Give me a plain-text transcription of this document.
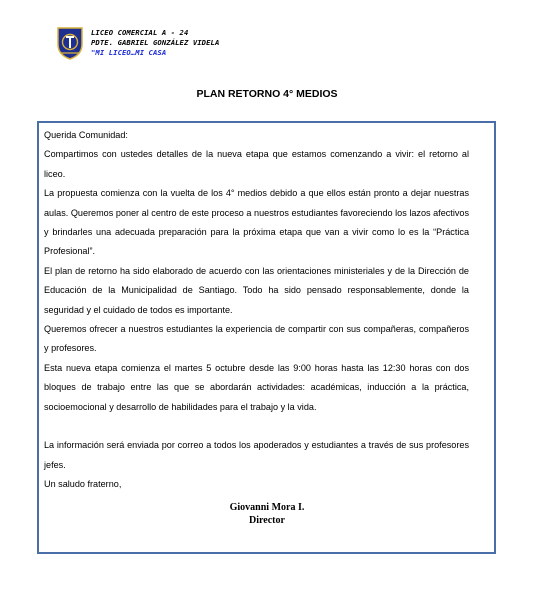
LICEO COMERCIAL A - 24
PDTE. GABRIEL GONZÁLEZ VIDELA
"MI LICEO…MI CASA
PLAN RETORNO 4° MEDIOS

Querida Comunidad:

Compartimos con ustedes detalles de la nueva etapa que estamos comenzando a vivir: el retorno al liceo.

La propuesta comienza con la vuelta de los 4° medios debido a que ellos están pronto a dejar nuestras aulas. Queremos poner al centro de este proceso a nuestros estudiantes favoreciendo los lazos afectivos y brindarles una adecuada preparación para la próxima etapa que van a vivir como lo es la “Práctica Profesional”.

El plan de retorno ha sido elaborado de acuerdo con las orientaciones ministeriales y de la Dirección de Educación de la Municipalidad de Santiago. Todo ha sido pensado responsablemente, donde la seguridad y el cuidado de todos es importante.

Queremos ofrecer a nuestros estudiantes la experiencia de compartir con sus compañeras, compañeros y profesores.

Esta nueva etapa comienza el martes 5 octubre desde las 9:00 horas hasta las 12:30 horas con dos bloques de trabajo entre las que se abordarán actividades: académicas, inducción a la práctica, socioemocional y desarrollo de habilidades para el trabajo y la vida.

La información será enviada por correo a todos los apoderados y estudiantes a través de sus profesores jefes.

Un saludo fraterno,

Giovanni Mora I.
Director
